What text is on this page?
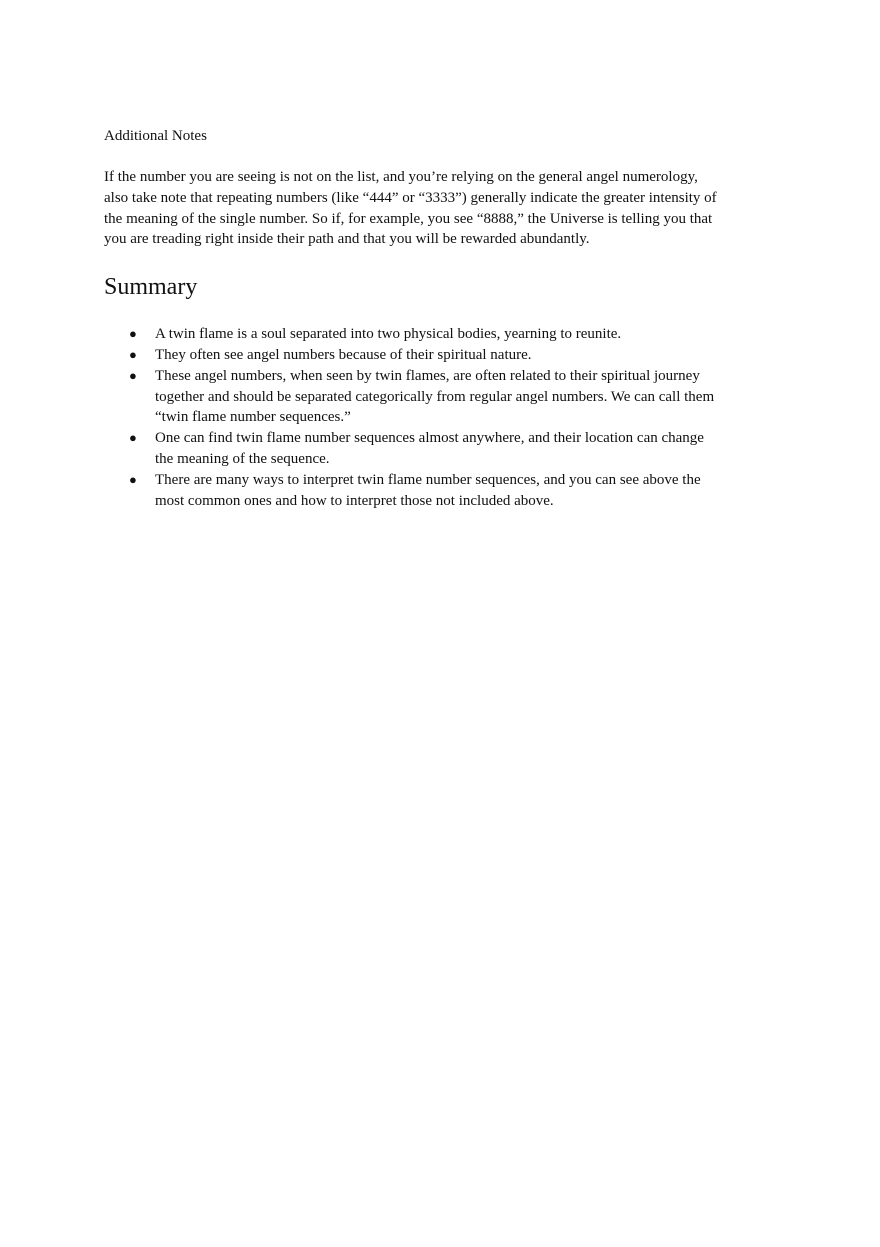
Additional Notes

If the number you are seeing is not on the list, and you’re relying on the general angel numerology, also take note that repeating numbers (like “444” or “3333”) generally indicate the greater intensity of the meaning of the single number. So if, for example, you see “8888,” the Universe is telling you that you are treading right inside their path and that you will be rewarded abundantly.

Summary
● A twin flame is a soul separated into two physical bodies, yearning to reunite.
● They often see angel numbers because of their spiritual nature.
● These angel numbers, when seen by twin flames, are often related to their spiritual journey together and should be separated categorically from regular angel numbers. We can call them “twin flame number sequences.”
● One can find twin flame number sequences almost anywhere, and their location can change the meaning of the sequence.
● There are many ways to interpret twin flame number sequences, and you can see above the most common ones and how to interpret those not included above.
